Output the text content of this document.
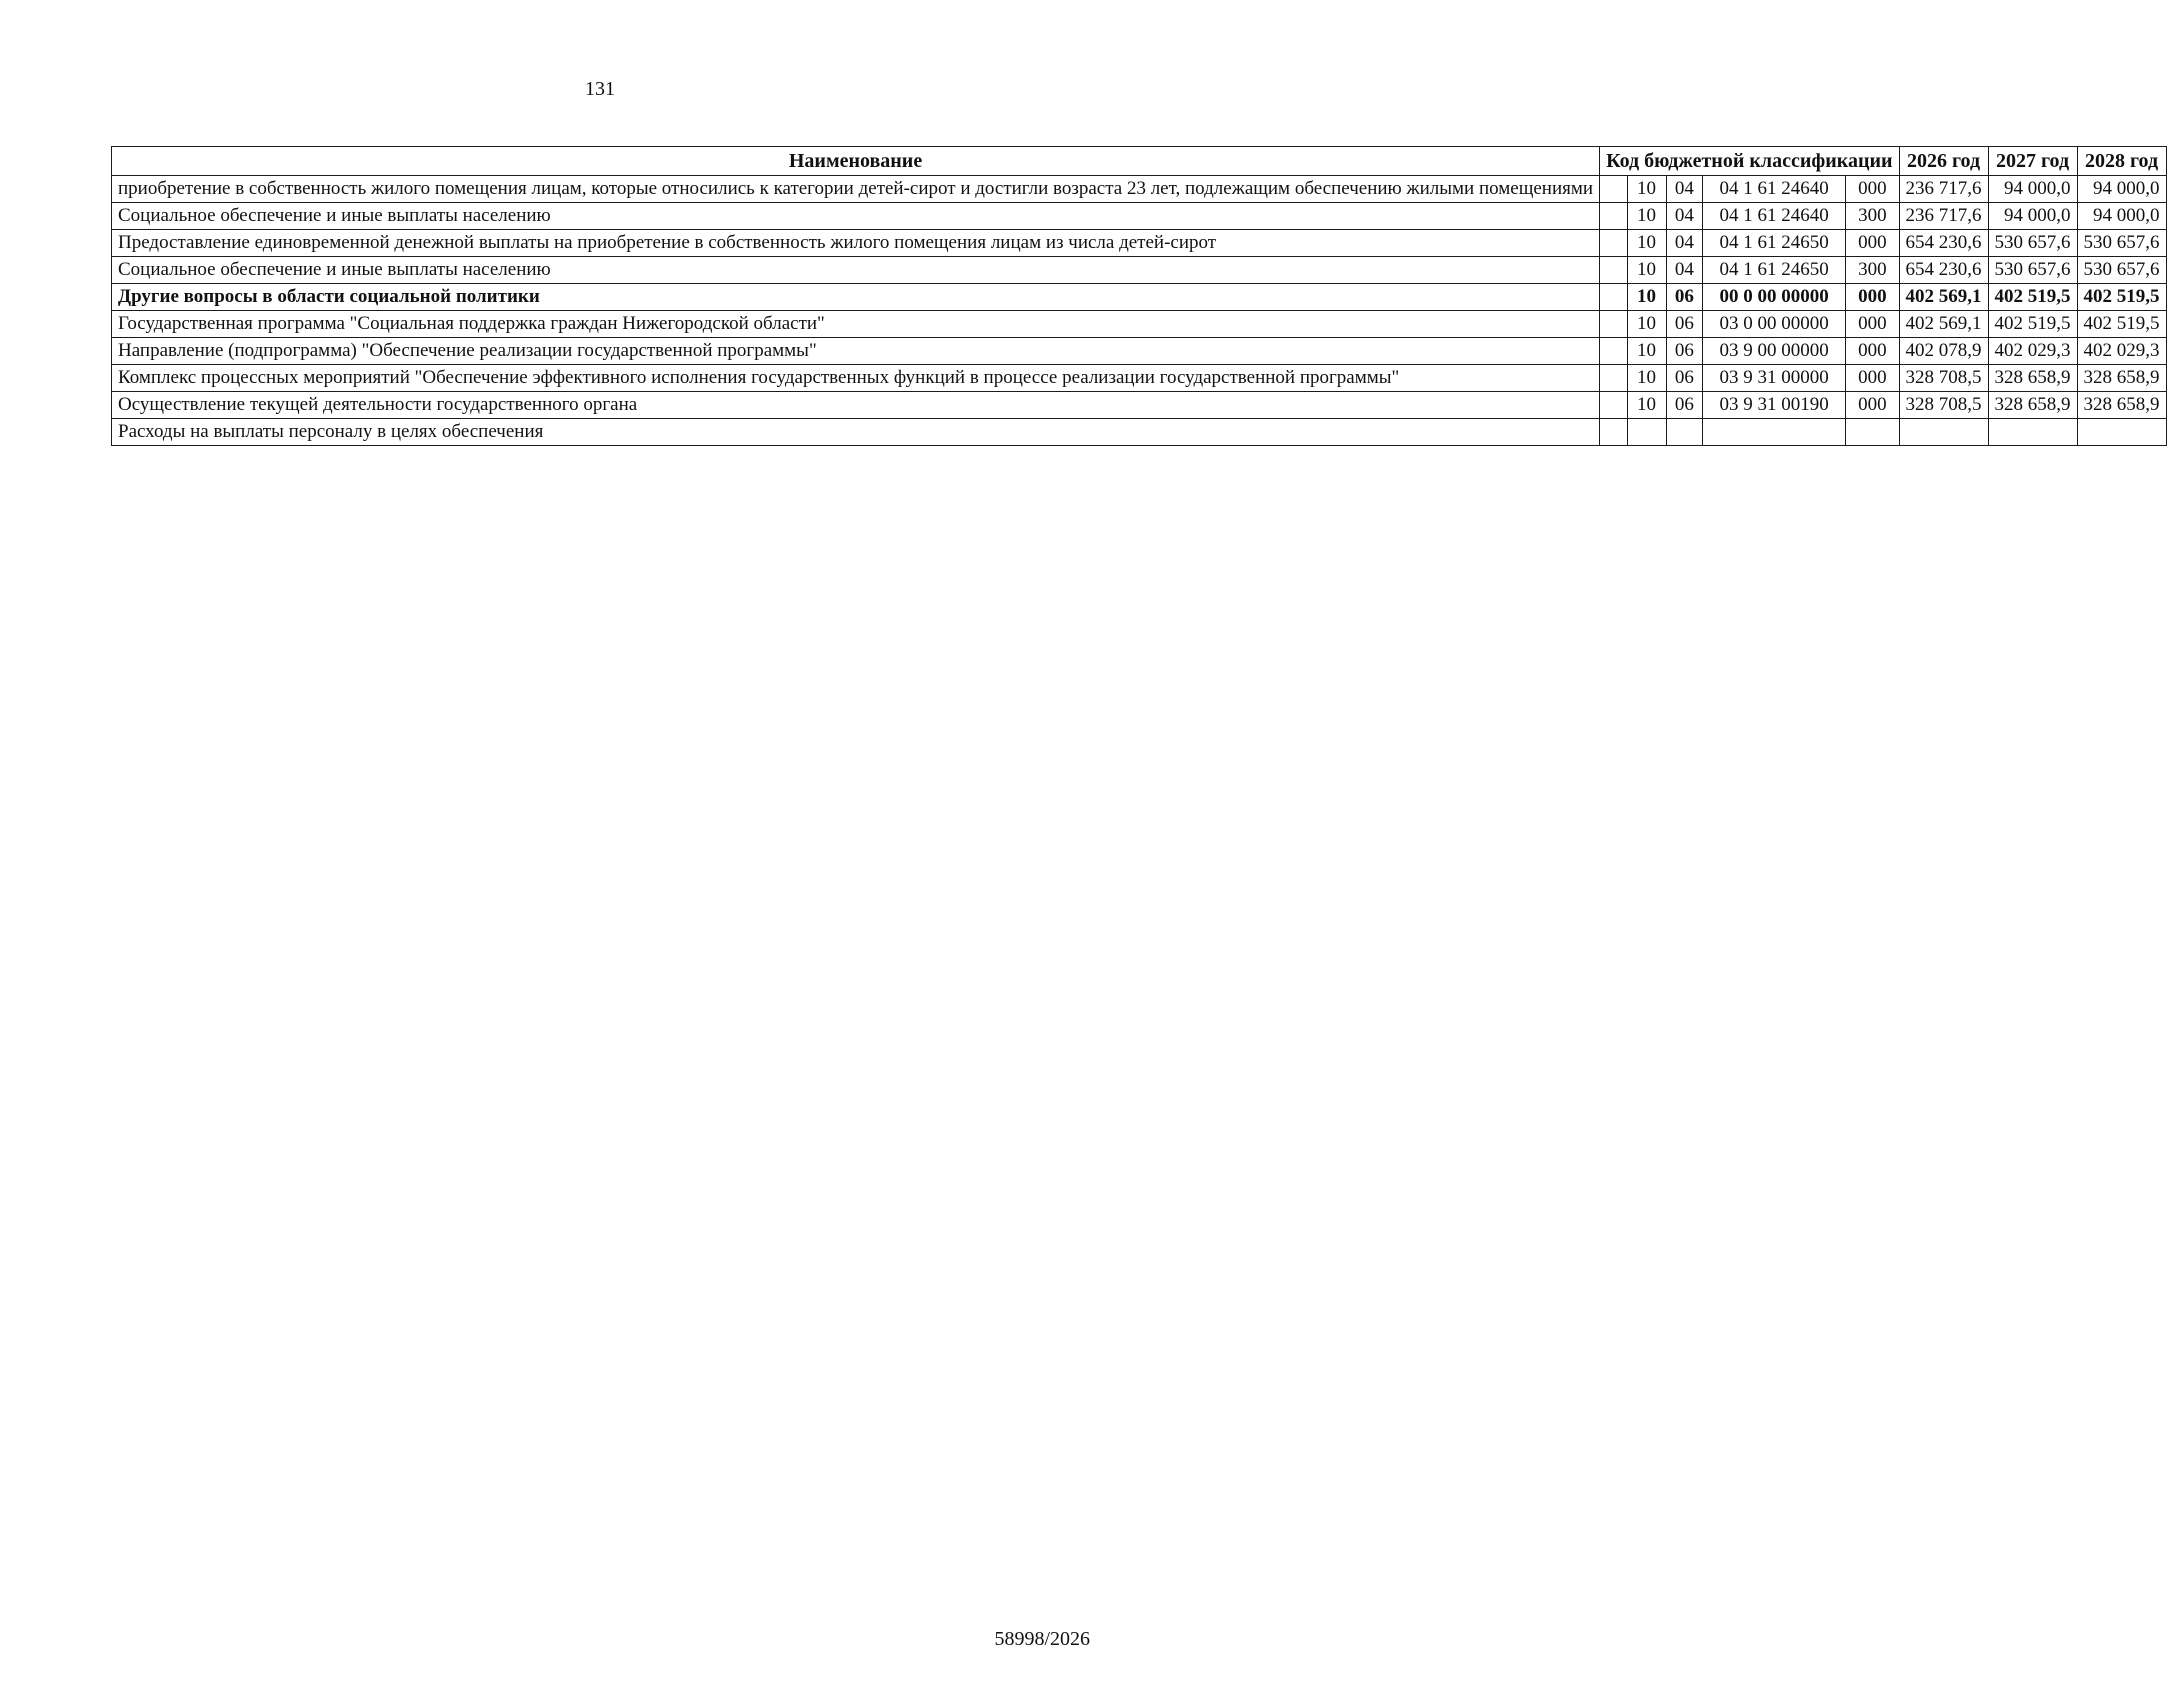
131
Наименование	Код бюджетной классификации					2026 год	2027 год	2028 год
приобретение в собственность жилого помещения лицам, которые относились к категории детей-сирот и достигли возраста 23 лет, подлежащим обеспечению жилыми помещениями		10	04	04 1 61 24640	000	236 717,6	94 000,0	94 000,0
Социальное обеспечение и иные выплаты населению		10	04	04 1 61 24640	300	236 717,6	94 000,0	94 000,0
Предоставление единовременной денежной выплаты на приобретение в собственность жилого помещения лицам из числа детей-сирот		10	04	04 1 61 24650	000	654 230,6	530 657,6	530 657,6
Социальное обеспечение и иные выплаты населению		10	04	04 1 61 24650	300	654 230,6	530 657,6	530 657,6
Другие вопросы в области социальной политики		10	06	00 0 00 00000	000	402 569,1	402 519,5	402 519,5
Государственная программа "Социальная поддержка граждан Нижегородской области"		10	06	03 0 00 00000	000	402 569,1	402 519,5	402 519,5
Направление (подпрограмма) "Обеспечение реализации государственной программы"		10	06	03 9 00 00000	000	402 078,9	402 029,3	402 029,3
Комплекс процессных мероприятий "Обеспечение эффективного исполнения государственных функций в процессе реализации государственной программы"		10	06	03 9 31 00000	000	328 708,5	328 658,9	328 658,9
Осуществление текущей деятельности государственного органа		10	06	03 9 31 00190	000	328 708,5	328 658,9	328 658,9
Расходы на выплаты персоналу в целях обеспечения								
58998/2026
